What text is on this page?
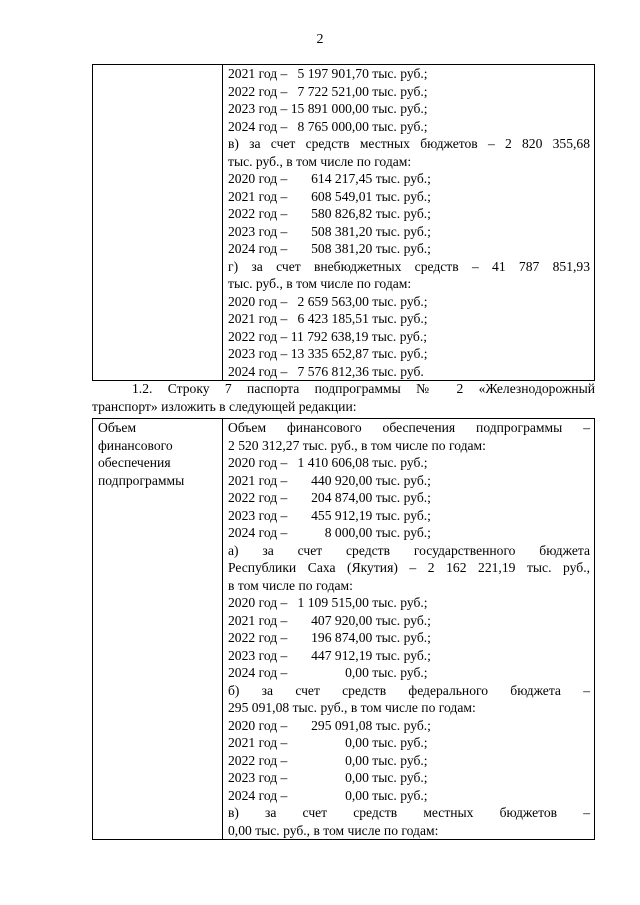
2

2021 год –   5 197 901,70 тыс. руб.;
2022 год –   7 722 521,00 тыс. руб.;
2023 год – 15 891 000,00 тыс. руб.;
2024 год –   8 765 000,00 тыс. руб.;
в) за счет средств местных бюджетов – 2 820 355,68
тыс. руб., в том числе по годам:
2020 год –       614 217,45 тыс. руб.;
2021 год –       608 549,01 тыс. руб.;
2022 год –       580 826,82 тыс. руб.;
2023 год –       508 381,20 тыс. руб.;
2024 год –       508 381,20 тыс. руб.;
г) за счет внебюджетных средств – 41 787 851,93
тыс. руб., в том числе по годам:
2020 год –   2 659 563,00 тыс. руб.;
2021 год –   6 423 185,51 тыс. руб.;
2022 год – 11 792 638,19 тыс. руб.;
2023 год – 13 335 652,87 тыс. руб.;
2024 год –   7 576 812,36 тыс. руб.
1.2. Строку 7 паспорта подпрограммы № 2 «Железнодорожный
транспорт» изложить в следующей редакции:
Объем
финансового
обеспечения
подпрограммы

Объем финансового обеспечения подпрограммы –
2 520 312,27 тыс. руб., в том числе по годам:
2020 год –   1 410 606,08 тыс. руб.;
2021 год –       440 920,00 тыс. руб.;
2022 год –       204 874,00 тыс. руб.;
2023 год –       455 912,19 тыс. руб.;
2024 год –           8 000,00 тыс. руб.;
а) за счет средств государственного бюджета
Республики Саха (Якутия) – 2 162 221,19 тыс. руб.,
в том числе по годам:
2020 год –   1 109 515,00 тыс. руб.;
2021 год –       407 920,00 тыс. руб.;
2022 год –       196 874,00 тыс. руб.;
2023 год –       447 912,19 тыс. руб.;
2024 год –                 0,00 тыс. руб.;
б) за счет средств федерального бюджета –
295 091,08 тыс. руб., в том числе по годам:
2020 год –       295 091,08 тыс. руб.;
2021 год –                 0,00 тыс. руб.;
2022 год –                 0,00 тыс. руб.;
2023 год –                 0,00 тыс. руб.;
2024 год –                 0,00 тыс. руб.;
в) за счет средств местных бюджетов –
0,00 тыс. руб., в том числе по годам:
